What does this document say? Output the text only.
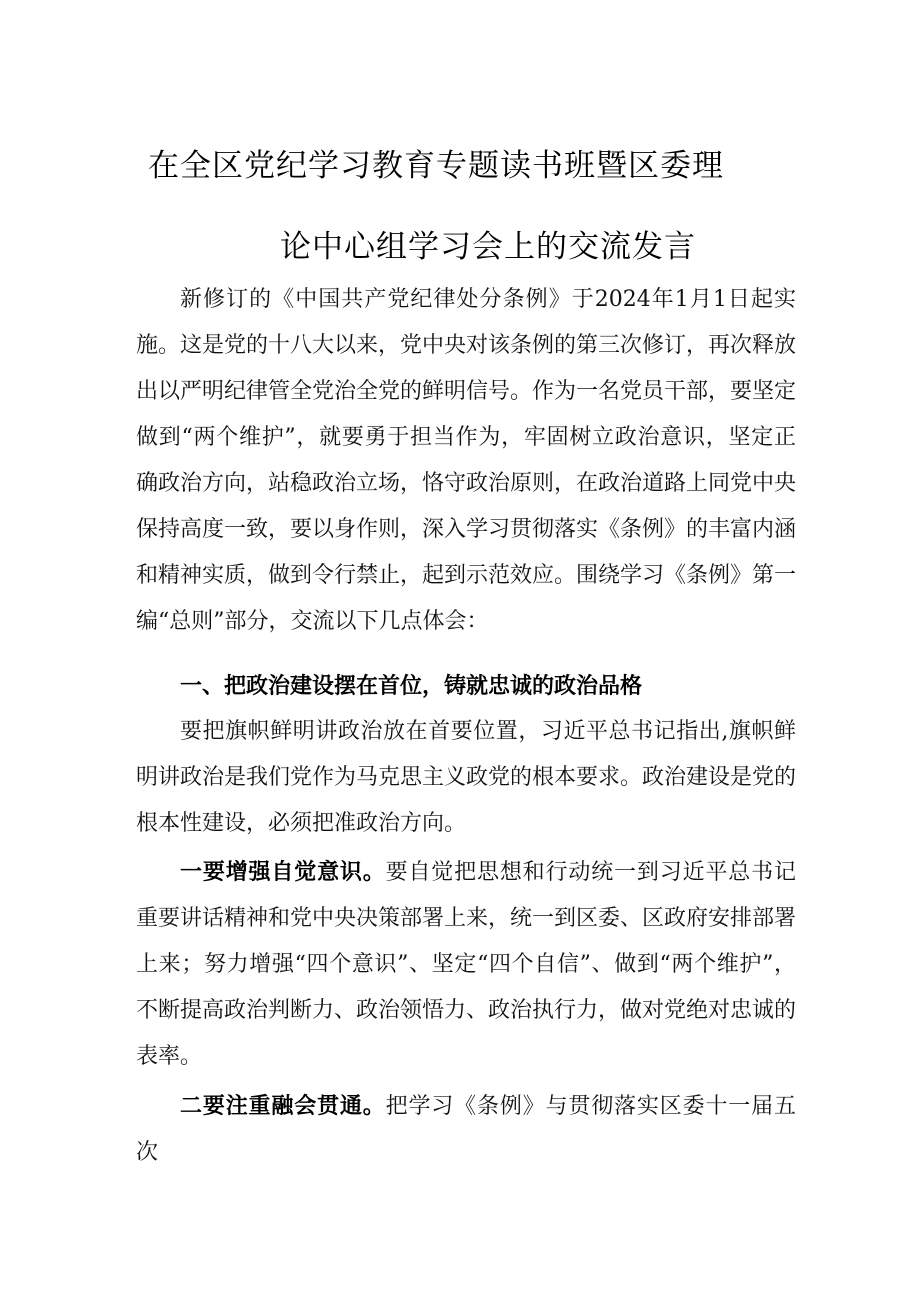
在全区党纪学习教育专题读书班暨区委理
论中心组学习会上的交流发言

新修订的《中国共产党纪律处分条例》于2024年1月1日起实施。这是党的十八大以来，党中央对该条例的第三次修订，再次释放出以严明纪律管全党治全党的鲜明信号。作为一名党员干部，要坚定做到“两个维护”，就要勇于担当作为，牢固树立政治意识，坚定正确政治方向，站稳政治立场，恪守政治原则，在政治道路上同党中央保持高度一致，要以身作则，深入学习贯彻落实《条例》的丰富内涵和精神实质，做到令行禁止，起到示范效应。围绕学习《条例》第一编“总则”部分，交流以下几点体会：

一、把政治建设摆在首位，铸就忠诚的政治品格

要把旗帜鲜明讲政治放在首要位置，习近平总书记指出,旗帜鲜明讲政治是我们党作为马克思主义政党的根本要求。政治建设是党的根本性建设，必须把准政治方向。

一要增强自觉意识。要自觉把思想和行动统一到习近平总书记重要讲话精神和党中央决策部署上来，统一到区委、区政府安排部署上来；努力增强“四个意识”、坚定“四个自信”、做到“两个维护”，不断提高政治判断力、政治领悟力、政治执行力，做对党绝对忠诚的表率。

二要注重融会贯通。把学习《条例》与贯彻落实区委十一届五次
